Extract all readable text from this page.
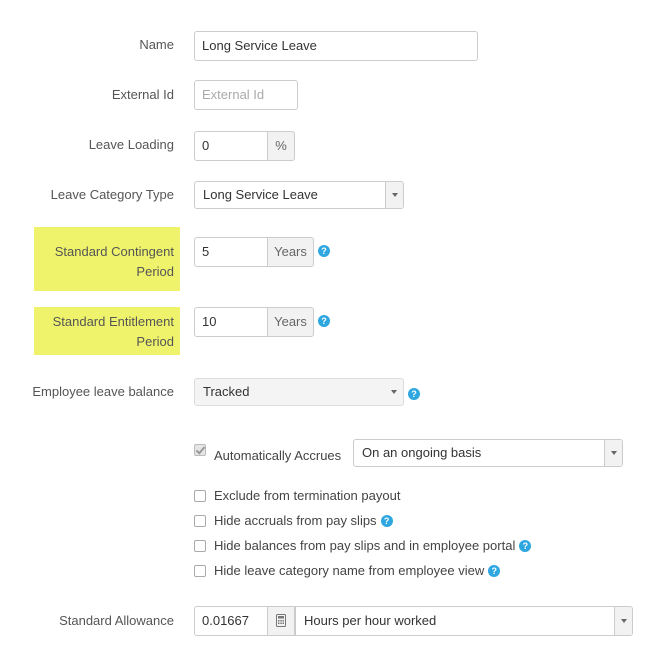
Name	Long Service Leave
External Id	External Id
Leave Loading	0	%
Leave Category Type	Long Service Leave
Standard Contingent
Period
5	Years	?
Standard Entitlement
Period
10	Years	?
Employee leave balance	Tracked	?
Automatically Accrues	On an ongoing basis
Exclude from termination payout
Hide accruals from pay slips ?
Hide balances from pay slips and in employee portal ?
Hide leave category name from employee view ?
Standard Allowance	0.01667	Hours per hour worked
